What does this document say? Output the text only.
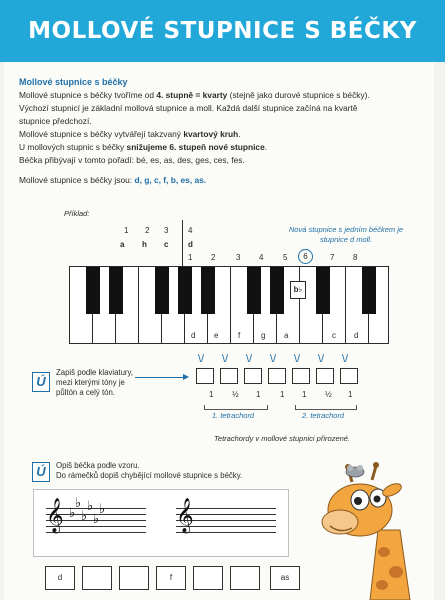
MOLLOVÉ STUPNICE S BÉČKY
Mollové stupnice s béčky
Mollové stupnice s béčky tvoříme od 4. stupně = kvarty (stejně jako durové stupnice s béčky).
Výchozí stupnicí je základní mollová stupnice a moll. Každá další stupnice začíná na kvartě
stupnice předchozí.
Mollové stupnice s béčky vytvářejí takzvaný kvartový kruh.
U mollových stupnic s béčky snižujeme 6. stupeň nové stupnice.
Béčka přibývají v tomto pořadí: bé, es, as, des, ges, ces, fes.
Mollové stupnice s béčky jsou: d, g, c, f, b, es, as.
Příklad:
1 2 3 4
a h c d
Nová stupnice s jedním béčkem je stupnice d moll.
2
1	3 4 5	6	7 8
b♭
d e f	g a	c d
Ú
Zapiš podle klaviatury,
mezi kterými tóny je
půltón a celý tón.
\/ \/ \/ \/ \/ \/ \/
1 ½ 1 1 1 ½ 1
1. tetrachord	2. tetrachord
Tetrachordy v mollové stupnici přirozené.
Ú	Opiš béčka podle vzoru.
Do rámečků dopiš chybějící mollové stupnice s béčky.
𝄞 ♭
♭
♭
♭
♭
♭ 𝄞
d	f	as
